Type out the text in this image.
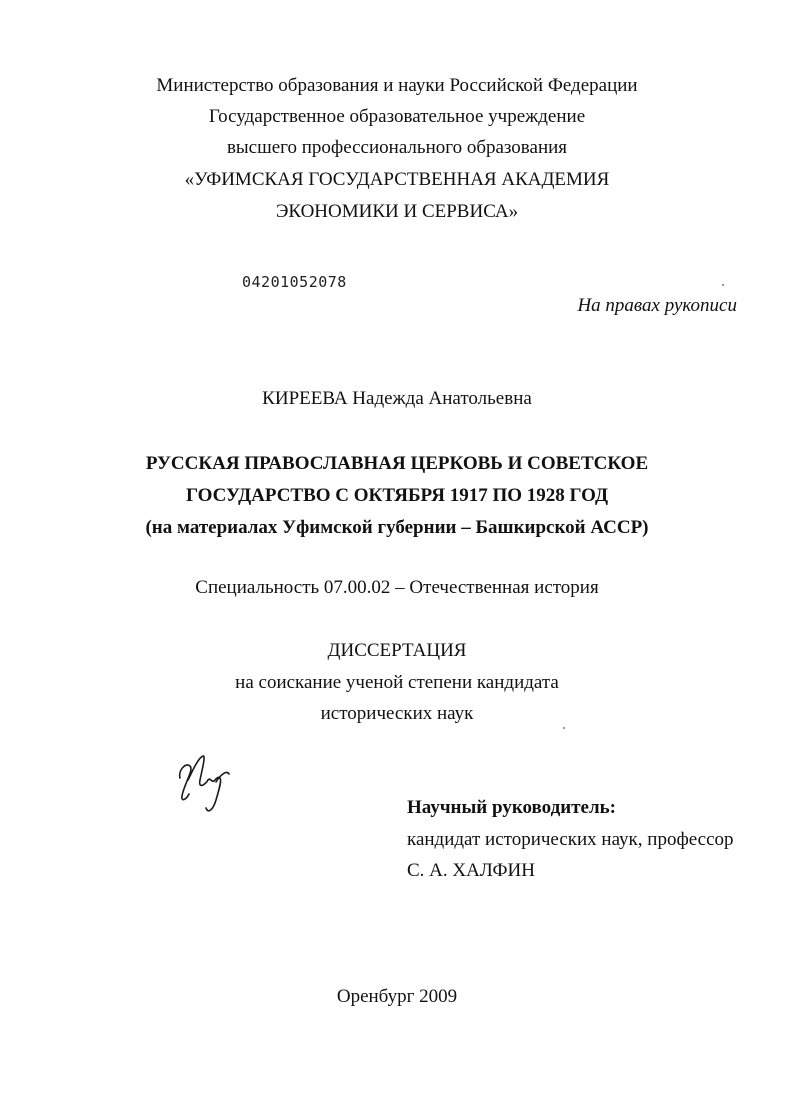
Министерство образования и науки Российской Федерации
Государственное образовательное учреждение
высшего профессионального образования
«УФИМСКАЯ ГОСУДАРСТВЕННАЯ АКАДЕМИЯ
ЭКОНОМИКИ И СЕРВИСА»
04201052078
На правах рукописи
КИРЕЕВА Надежда Анатольевна
РУССКАЯ ПРАВОСЛАВНАЯ ЦЕРКОВЬ И СОВЕТСКОЕ
ГОСУДАРСТВО С ОКТЯБРЯ 1917 ПО 1928 ГОД
(на материалах Уфимской губернии – Башкирской АССР)
Специальность 07.00.02 – Отечественная история
ДИССЕРТАЦИЯ
на соискание ученой степени кандидата
исторических наук
Научный руководитель:
кандидат исторических наук, профессор
С. А. ХАЛФИН
Оренбург 2009
